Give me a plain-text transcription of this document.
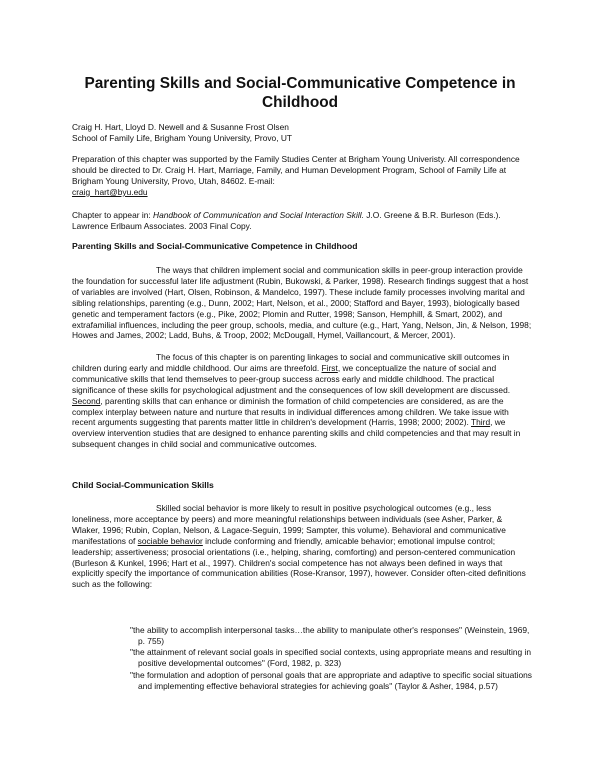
Parenting Skills and Social-Communicative Competence in Childhood

Craig H. Hart, Lloyd D. Newell and & Susanne Frost Olsen

School of Family Life, Brigham Young University, Provo, UT

Preparation of this chapter was supported by the Family Studies Center at Brigham Young Univeristy. All correspondence should be directed to Dr. Craig H. Hart, Marriage, Family, and Human Development Program, School of Family Life at Brigham Young University, Provo, Utah, 84602. E-mail:

craig_hart@byu.edu

Chapter to appear in: Handbook of Communication and Social Interaction Skill. J.O. Greene & B.R. Burleson (Eds.). Lawrence Erlbaum Associates. 2003 Final Copy.

Parenting Skills and Social-Communicative Competence in Childhood

The ways that children implement social and communication skills in peer-group interaction provide the foundation for successful later life adjustment (Rubin, Bukowski, & Parker, 1998). Research findings suggest that a host of variables are involved (Hart, Olsen, Robinson, & Mandelco, 1997). These include family processes involving marital and sibling relationships, parenting (e.g., Dunn, 2002; Hart, Nelson, et al., 2000; Stafford and Bayer, 1993), biologically based genetic and temperament factors (e.g., Pike, 2002; Plomin and Rutter, 1998; Sanson, Hemphill, & Smart, 2002), and extrafamilial influences, including the peer group, schools, media, and culture (e.g., Hart, Yang, Nelson, Jin, & Nelson, 1998; Howes and James, 2002; Ladd, Buhs, & Troop, 2002; McDougall, Hymel, Vaillancourt, & Mercer, 2001).

The focus of this chapter is on parenting linkages to social and communicative skill outcomes in children during early and middle childhood. Our aims are threefold. First, we conceptualize the nature of social and communicative skills that lend themselves to peer-group success across early and middle childhood. The practical significance of these skills for psychological adjustment and the consequences of low skill development are discussed. Second, parenting skills that can enhance or diminish the formation of child competencies are considered, as are the complex interplay between nature and nurture that results in individual differences among children. We take issue with recent arguments suggesting that parents matter little in children's development (Harris, 1998; 2000; 2002). Third, we overview intervention studies that are designed to enhance parenting skills and child competencies and that may result in subsequent changes in child social and communicative outcomes.

Child Social-Communication Skills

Skilled social behavior is more likely to result in positive psychological outcomes (e.g., less loneliness, more acceptance by peers) and more meaningful relationships between individuals (see Asher, Parker, & Wlaker, 1996; Rubin, Coplan, Nelson, & Lagace-Seguin, 1999; Sampter, this volume). Behavioral and communicative manifestations of sociable behavior include conforming and friendly, amicable behavior; emotional impulse control; leadership; assertiveness; prosocial orientations (i.e., helping, sharing, comforting) and person-centered communication (Burleson & Kunkel, 1996; Hart et al., 1997). Children's social competence has not always been defined in ways that explicitly specify the importance of communication abilities (Rose-Kransor, 1997), however. Consider often-cited definitions such as the following:

"the ability to accomplish interpersonal tasks…the ability to manipulate other's responses" (Weinstein, 1969, p. 755)

"the attainment of relevant social goals in specified social contexts, using appropriate means and resulting in positive developmental outcomes" (Ford, 1982, p. 323)

"the formulation and adoption of personal goals that are appropriate and adaptive to specific social situations and implementing effective behavioral strategies for achieving goals" (Taylor & Asher, 1984, p.57)
